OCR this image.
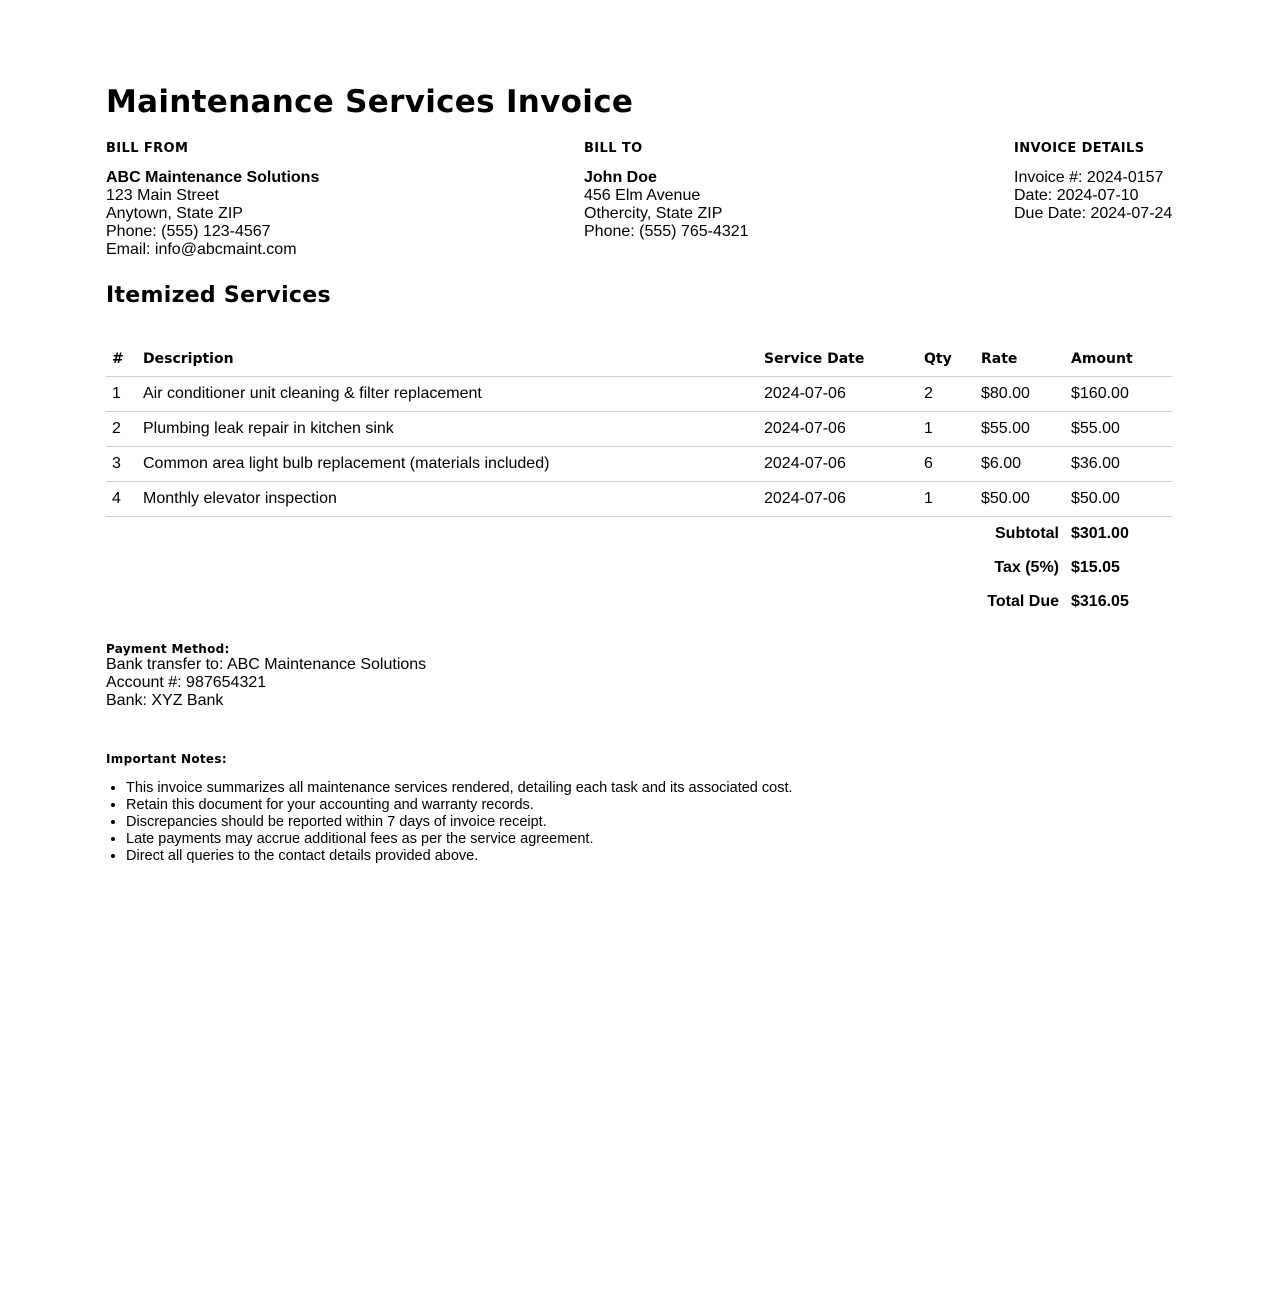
Maintenance Services Invoice
BILL FROM
ABC Maintenance Solutions
123 Main Street
Anytown, State ZIP
Phone: (555) 123-4567
Email: info@abcmaint.com
BILL TO
John Doe
456 Elm Avenue
Othercity, State ZIP
Phone: (555) 765-4321
INVOICE DETAILS
Invoice #: 2024-0157
Date: 2024-07-10
Due Date: 2024-07-24
Itemized Services
#	Description	Service Date	Qty	Rate	Amount
1	Air conditioner unit cleaning & filter replacement	2024-07-06	2	$80.00	$160.00
2	Plumbing leak repair in kitchen sink	2024-07-06	1	$55.00	$55.00
3	Common area light bulb replacement (materials included)	2024-07-06	6	$6.00	$36.00
4	Monthly elevator inspection	2024-07-06	1	$50.00	$50.00
Subtotal	$301.00
Tax (5%)	$15.05
Total Due	$316.05
Payment Method:
Bank transfer to: ABC Maintenance Solutions
Account #: 987654321
Bank: XYZ Bank
Important Notes:
• This invoice summarizes all maintenance services rendered, detailing each task and its associated cost.
• Retain this document for your accounting and warranty records.
• Discrepancies should be reported within 7 days of invoice receipt.
• Late payments may accrue additional fees as per the service agreement.
• Direct all queries to the contact details provided above.
